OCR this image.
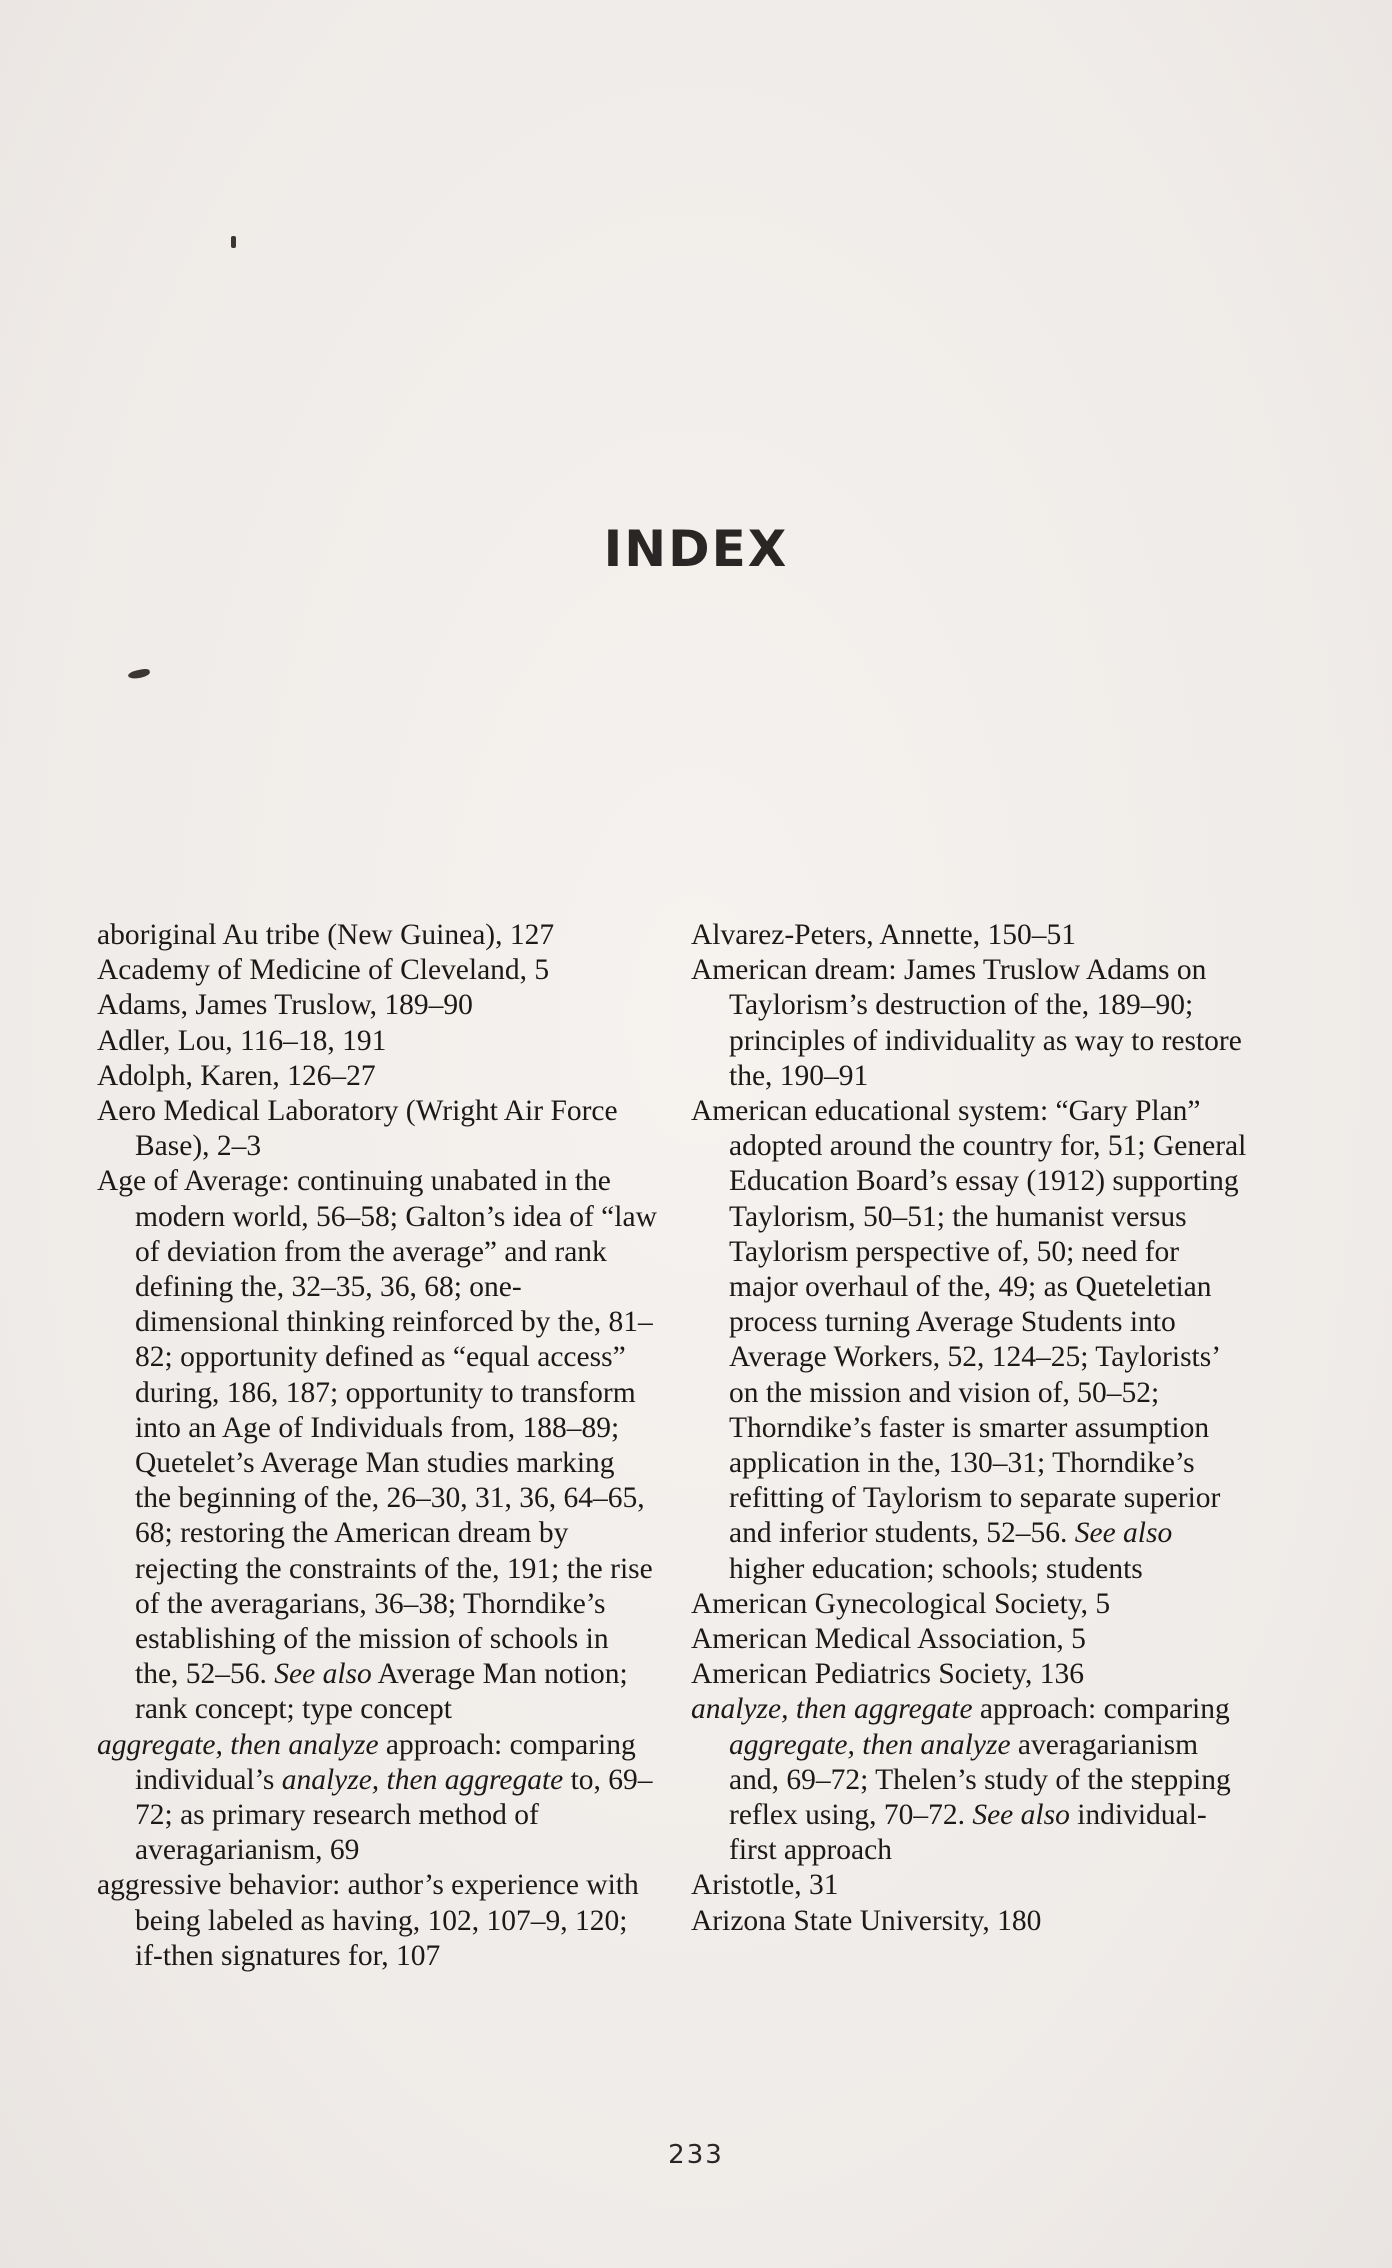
INDEX

aboriginal Au tribe (New Guinea), 127

Academy of Medicine of Cleveland, 5

Adams, James Truslow, 189–90

Adler, Lou, 116–18, 191

Adolph, Karen, 126–27

Aero Medical Laboratory (Wright Air Force Base), 2–3

Age of Average: continuing unabated in the modern world, 56–58; Galton’s idea of “law of deviation from the average” and rank defining the, 32–35, 36, 68; one-dimensional thinking reinforced by the, 81–82; opportunity defined as “equal access” during, 186, 187; opportunity to transform into an Age of Individuals from, 188–89; Quetelet’s Average Man studies marking the beginning of the, 26–30, 31, 36, 64–65, 68; restoring the American dream by rejecting the constraints of the, 191; the rise of the averagarians, 36–38; Thorndike’s establishing of the mission of schools in the, 52–56. See also Average Man notion; rank concept; type concept

aggregate, then analyze approach: comparing individual’s analyze, then aggregate to, 69–72; as primary research method of averagarianism, 69

aggressive behavior: author’s experience with being labeled as having, 102, 107–9, 120; if-then signatures for, 107

Alvarez-Peters, Annette, 150–51

American dream: James Truslow Adams on Taylorism’s destruction of the, 189–90; principles of individuality as way to restore the, 190–91

American educational system: “Gary Plan” adopted around the country for, 51; General Education Board’s essay (1912) supporting Taylorism, 50–51; the humanist versus Taylorism perspective of, 50; need for major overhaul of the, 49; as Queteletian process turning Average Students into Average Workers, 52, 124–25; Taylorists’ on the mission and vision of, 50–52; Thorndike’s faster is smarter assumption application in the, 130–31; Thorndike’s refitting of Taylorism to separate superior and inferior students, 52–56. See also higher education; schools; students

American Gynecological Society, 5

American Medical Association, 5

American Pediatrics Society, 136

analyze, then aggregate approach: comparing aggregate, then analyze averagarianism and, 69–72; Thelen’s study of the stepping reflex using, 70–72. See also individual-first approach

Aristotle, 31

Arizona State University, 180

233
